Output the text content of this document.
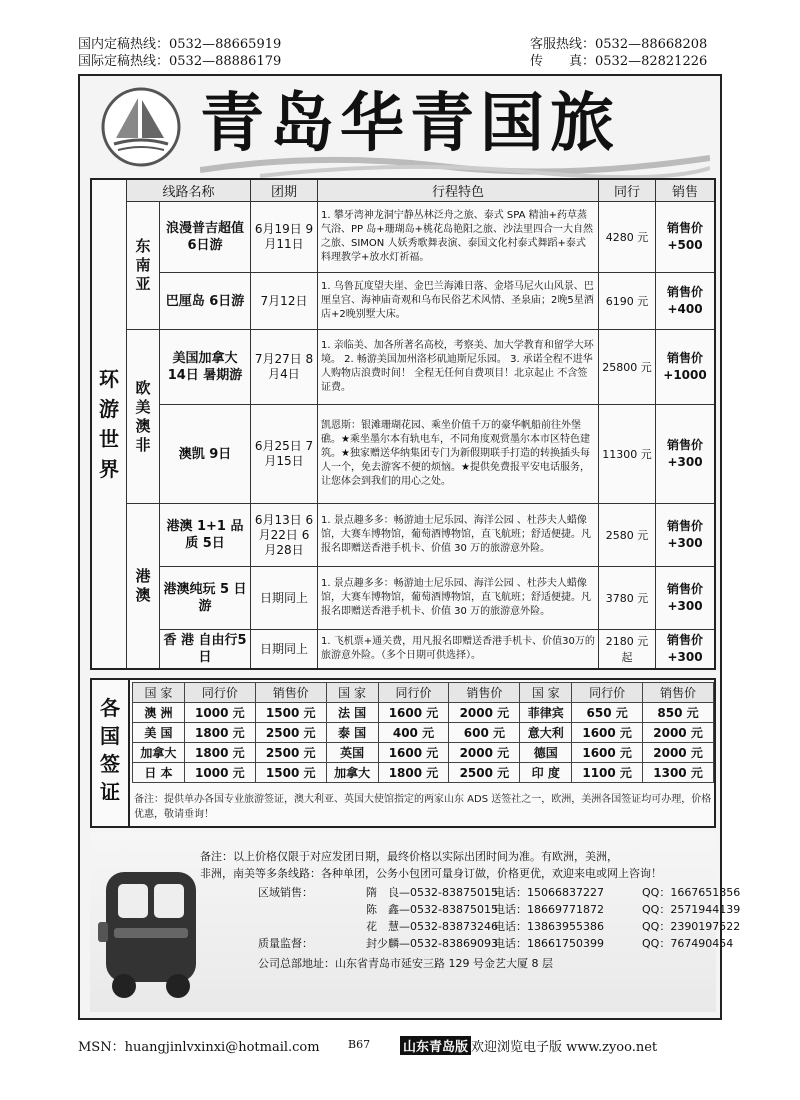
国内定稿热线：0532—88665919
国际定稿热线：0532—88886179
客服热线：0532—88668208
传　　真：0532—82821226
青岛华青国旅
环游世界	线路名称		团期	行程特色	同行	销售
	东南亚	浪漫普吉超值6日游	6月19日 9月11日	1. 攀牙湾神龙洞宁静丛林泛舟之旅、泰式 SPA 精油+药草蒸气浴、PP 岛+珊瑚岛+桃花岛艳阳之旅、沙法里四合一大自然之旅、SIMON 人妖秀歌舞表演、泰国文化村泰式舞蹈+泰式料理教学+放水灯祈福。	4280 元	销售价 +500
		巴厘岛 6日游	7月12日	1. 乌鲁瓦度望夫崖、金巴兰海滩日落、金塔马尼火山风景、巴厘皇宫、海神庙奇观和乌布民俗艺术风情、圣泉庙；2晚5星酒店+2晚别墅大床。	6190 元	销售价 +400
	欧美澳非	美国加拿大 14日 暑期游	7月27日 8月4日	1. 亲临美、加各所著名高校，考察美、加大学教育和留学大环境。 2. 畅游美国加州洛杉矶迪斯尼乐园。 3. 承诺全程不进华人购物店浪费时间！ 全程无任何自费项目！北京起止 不含签证费。	25800 元	销售价 +1000
		澳凯 9日	6月25日 7月15日	凯恩斯：银滩珊瑚花园、乘坐价值千万的豪华帆船前往外堡礁。★乘坐墨尔本有轨电车，不同角度观赏墨尔本市区特色建筑。★独家赠送华纳集团专门为新假期联手打造的转换插头每人一个，免去游客不便的烦恼。★提供免费报平安电话服务，让您体会到我们的用心之处。	11300 元	销售价 +300
	港澳	港澳 1+1 品质 5日	6月13日 6月22日 6月28日	1. 景点趣多多：畅游迪士尼乐园、海洋公园 、杜莎夫人蜡像馆，大赛车博物馆，葡萄酒博物馆，直飞航班；舒适便捷。凡报名即赠送香港手机卡、价值 30 万的旅游意外险。	2580 元	销售价 +300
		港澳纯玩 5 日游	日期同上	1. 景点趣多多：畅游迪士尼乐园、海洋公园 、杜莎夫人蜡像馆，大赛车博物馆，葡萄酒博物馆，直飞航班；舒适便捷。凡报名即赠送香港手机卡、价值 30 万的旅游意外险。	3780 元	销售价 +300
		香 港 自由行5日	日期同上	1. 飞机票+通关费，用凡报名即赠送香港手机卡、价值30万的旅游意外险。（多个日期可供选择）。	2180 元起	销售价 +300
各国签证
国 家	同行价	销售价	国 家	同行价	销售价	国 家	同行价	销售价
澳 洲	1000 元	1500 元	法 国	1600 元	2000 元	菲律宾	650 元	850 元
美 国	1800 元	2500 元	泰 国	400 元	600 元	意大利	1600 元	2000 元
加拿大	1800 元	2500 元	英国	1600 元	2000 元	德国	1600 元	2000 元
日 本	1000 元	1500 元	加拿大	1800 元	2500 元	印 度	1100 元	1300 元
备注：提供单办各国专业旅游签证，澳大利亚、英国大使馆指定的两家山东 ADS 送签社之一，欧洲，美洲各国签证均可办理，价格优惠，敬请垂询！
备注：以上价格仅限于对应发团日期，最终价格以实际出团时间为准。有欧洲，美洲，
非洲，南美等多条线路：各种单团，公务小包团可量身订做，价格更优，欢迎来电或网上咨询！
区域销售：	隋　良—0532-83875015电话：15066837227	QQ：1667651856
陈　鑫—0532-83875015电话：18669771872	QQ：2571944139
花　慧—0532-83873246电话：13863955386	QQ：2390197522
质量监督：	封少麟—0532-83869093电话：18661750399	QQ：767490454
公司总部地址：山东省青岛市延安三路 129 号金艺大厦 8 层
MSN：huangjinlvxinxi@hotmail.com	B67	山东青岛版 欢迎浏览电子版 www.zyoo.net
